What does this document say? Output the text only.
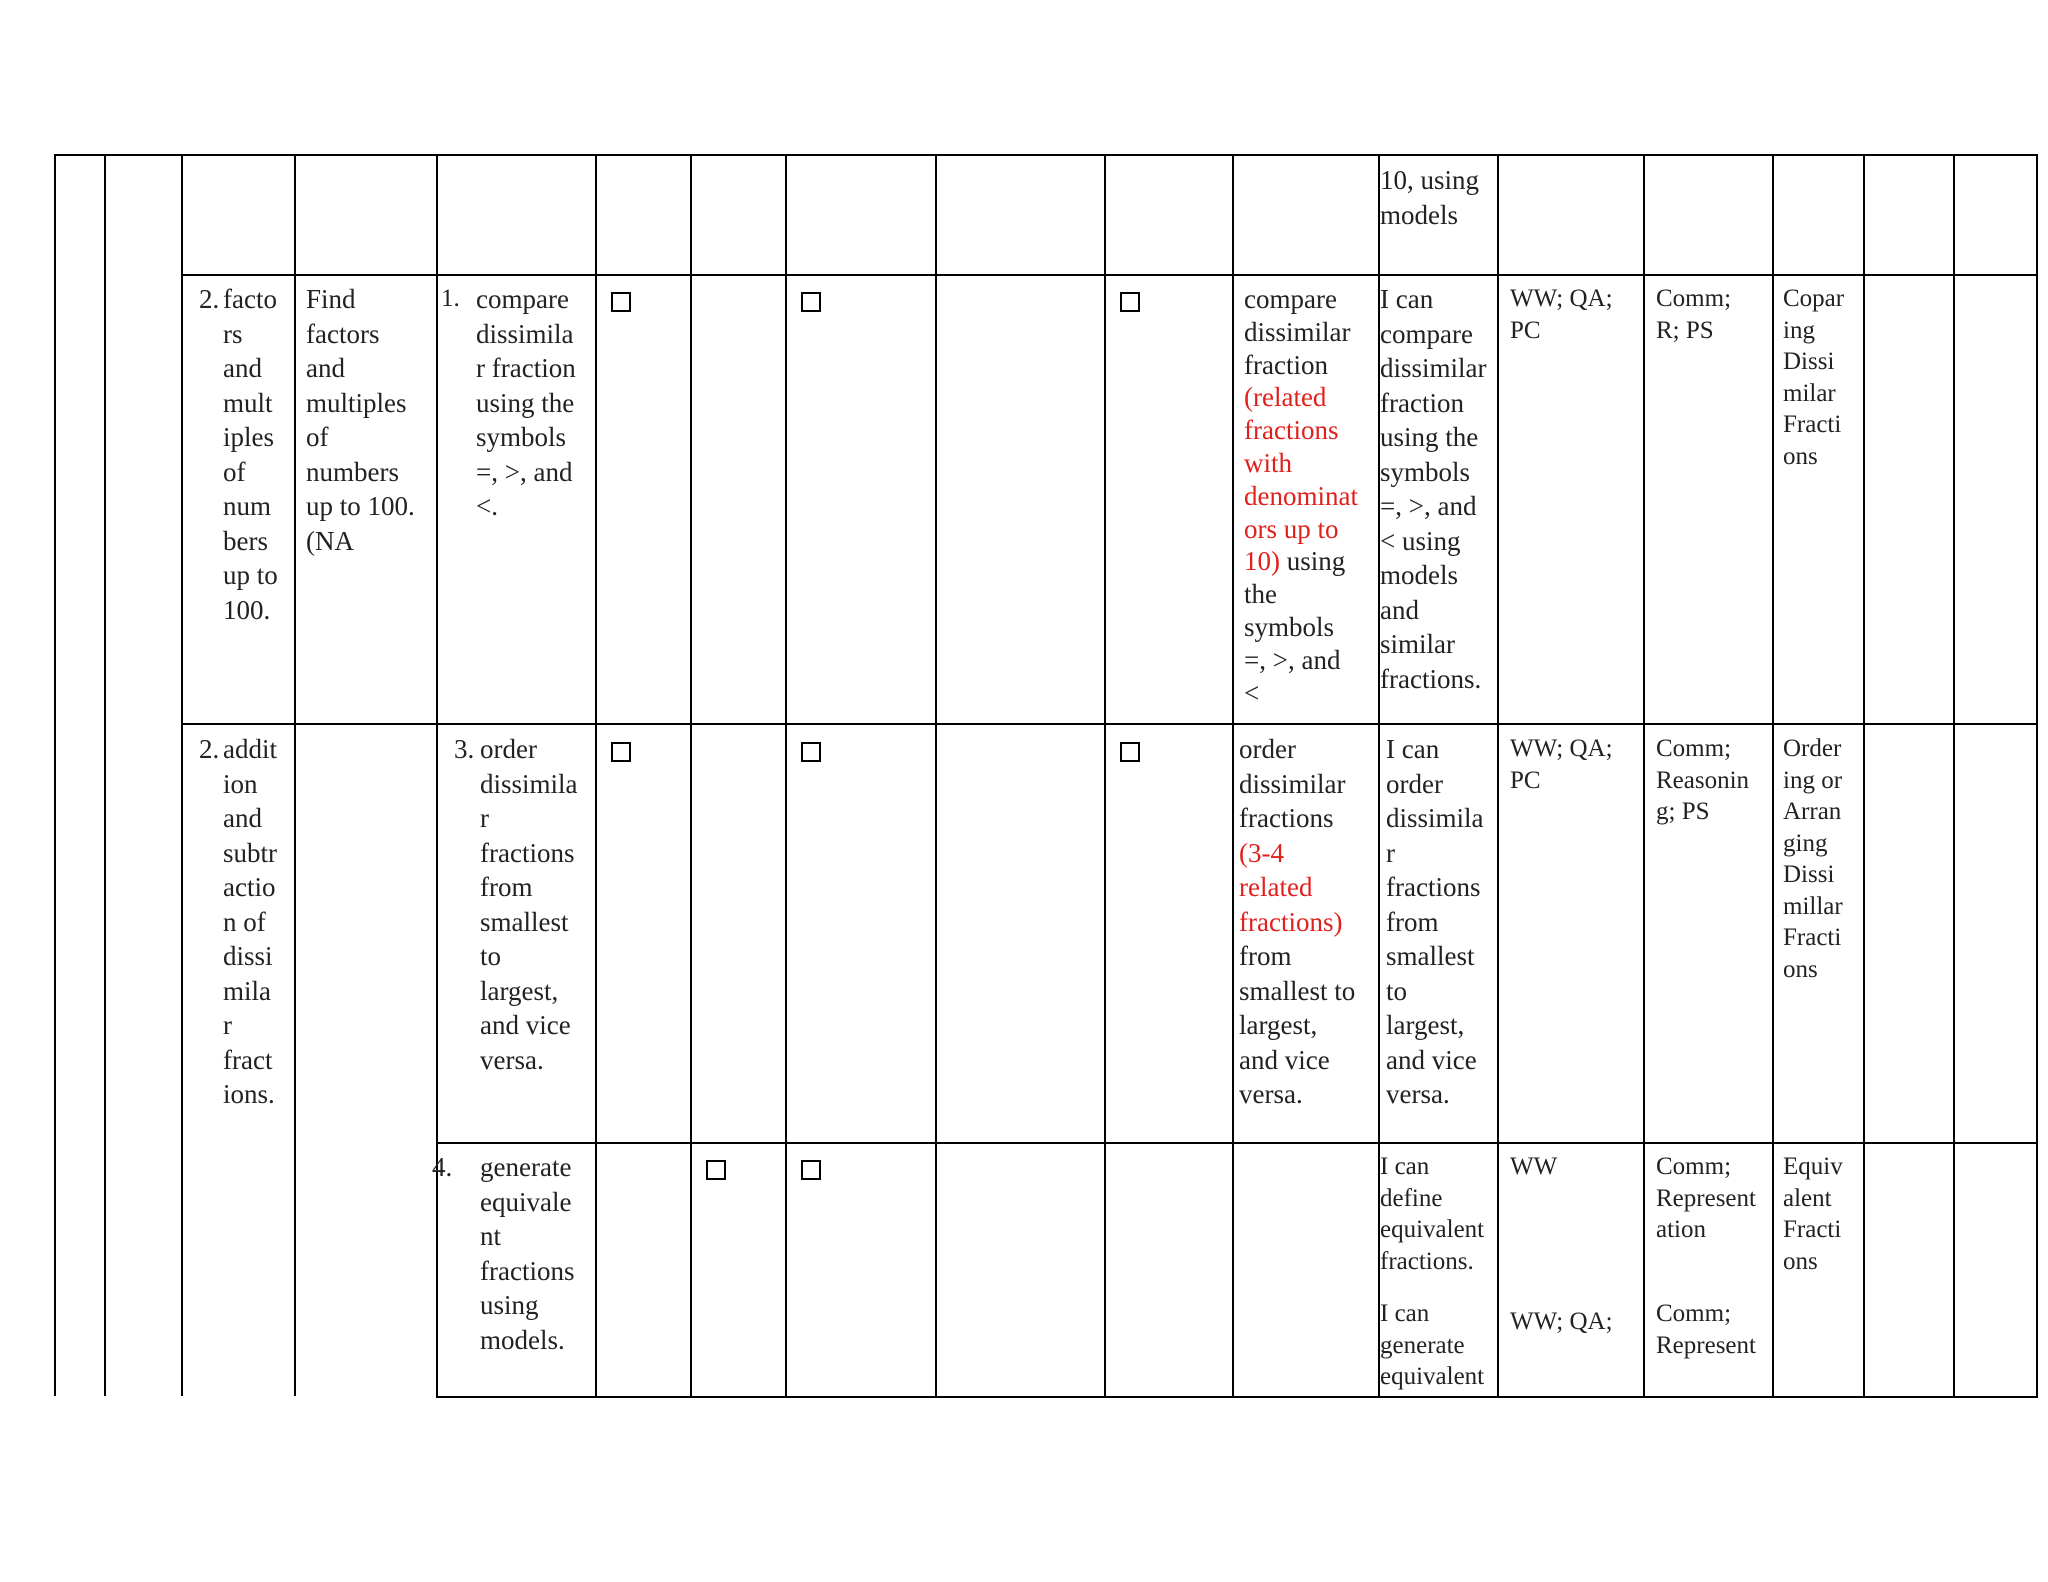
10, using
models
2. facto
rs
and
mult
iples
of
num
bers
up to
100.
Find
factors
and
multiples
of
numbers
up to 100.
(NA
1. compare
dissimila
r fraction
using the
symbols
=, >, and
<.
compare
dissimilar
fraction
(related
fractions
with
denominat
ors up to
10) using
the
symbols
=, >, and
<
I can
compare
dissimilar
fraction
using the
symbols
=, >, and
< using
models
and
similar
fractions.
WW; QA;
PC
Comm;
R; PS
Copar
ing
Dissi
milar
Fracti
ons
2. addit
ion
and
subtr
actio
n of
dissi
mila
r
fract
ions.
3. order
dissimila
r
fractions
from
smallest
to
largest,
and vice
versa.
order
dissimilar
fractions
(3-4
related
fractions)
from
smallest to
largest,
and vice
versa.
I can
order
dissimila
r
fractions
from
smallest
to
largest,
and vice
versa.
WW; QA;
PC
Comm;
Reasonin
g; PS
Order
ing or
Arran
ging
Dissi
millar
Fracti
ons
4. generate
equivale
nt
fractions
using
models.
I can
define
equivalent
fractions.
I can
generate
equivalent
WW
WW; QA;
Comm;
Represent
ation
Comm;
Represent
Equiv
alent
Fracti
ons
